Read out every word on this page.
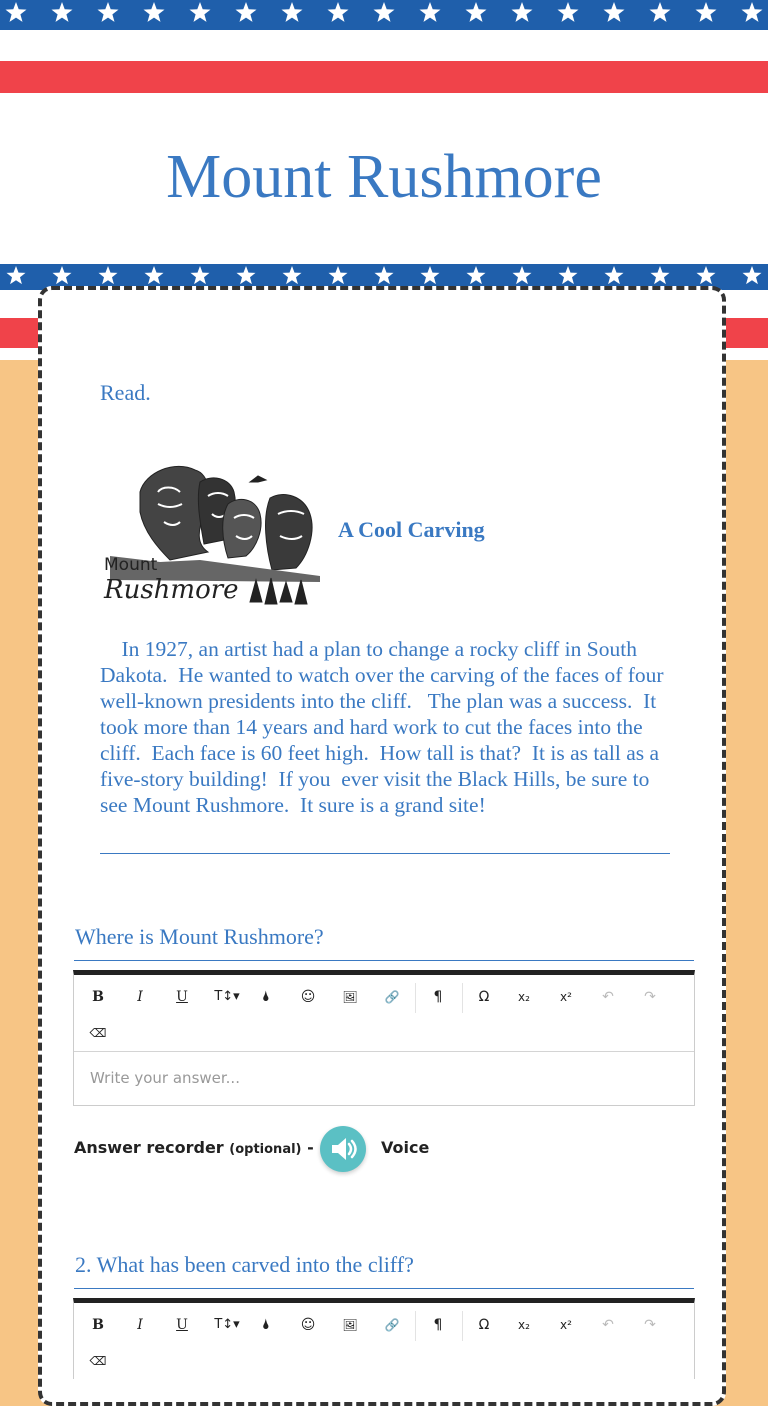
Mount Rushmore
Read.
Mount
Rushmore
A Cool Carving

In 1927, an artist had a plan to change a rocky cliff in South Dakota.  He wanted to watch over the carving of the faces of four well-known presidents into the cliff.   The plan was a success.  It took more than 14 years and hard work to cut the faces into the cliff.  Each face is 60 feet high.  How tall is that?  It is as tall as a five-story building!  If you  ever visit the Black Hills, be sure to see Mount Rushmore.  It sure is a grand site!

Where is Mount Rushmore?
B	I	U	T↕▾	🌢	☺	🖼	🔗	¶	Ω	x₂	x²	↶	↷
⌫
Write your answer...
Answer recorder (optional) -	Voice
2. What has been carved into the cliff?
B	I	U	T↕▾	🌢	☺	🖼	🔗	¶	Ω	x₂	x²	↶	↷
⌫
